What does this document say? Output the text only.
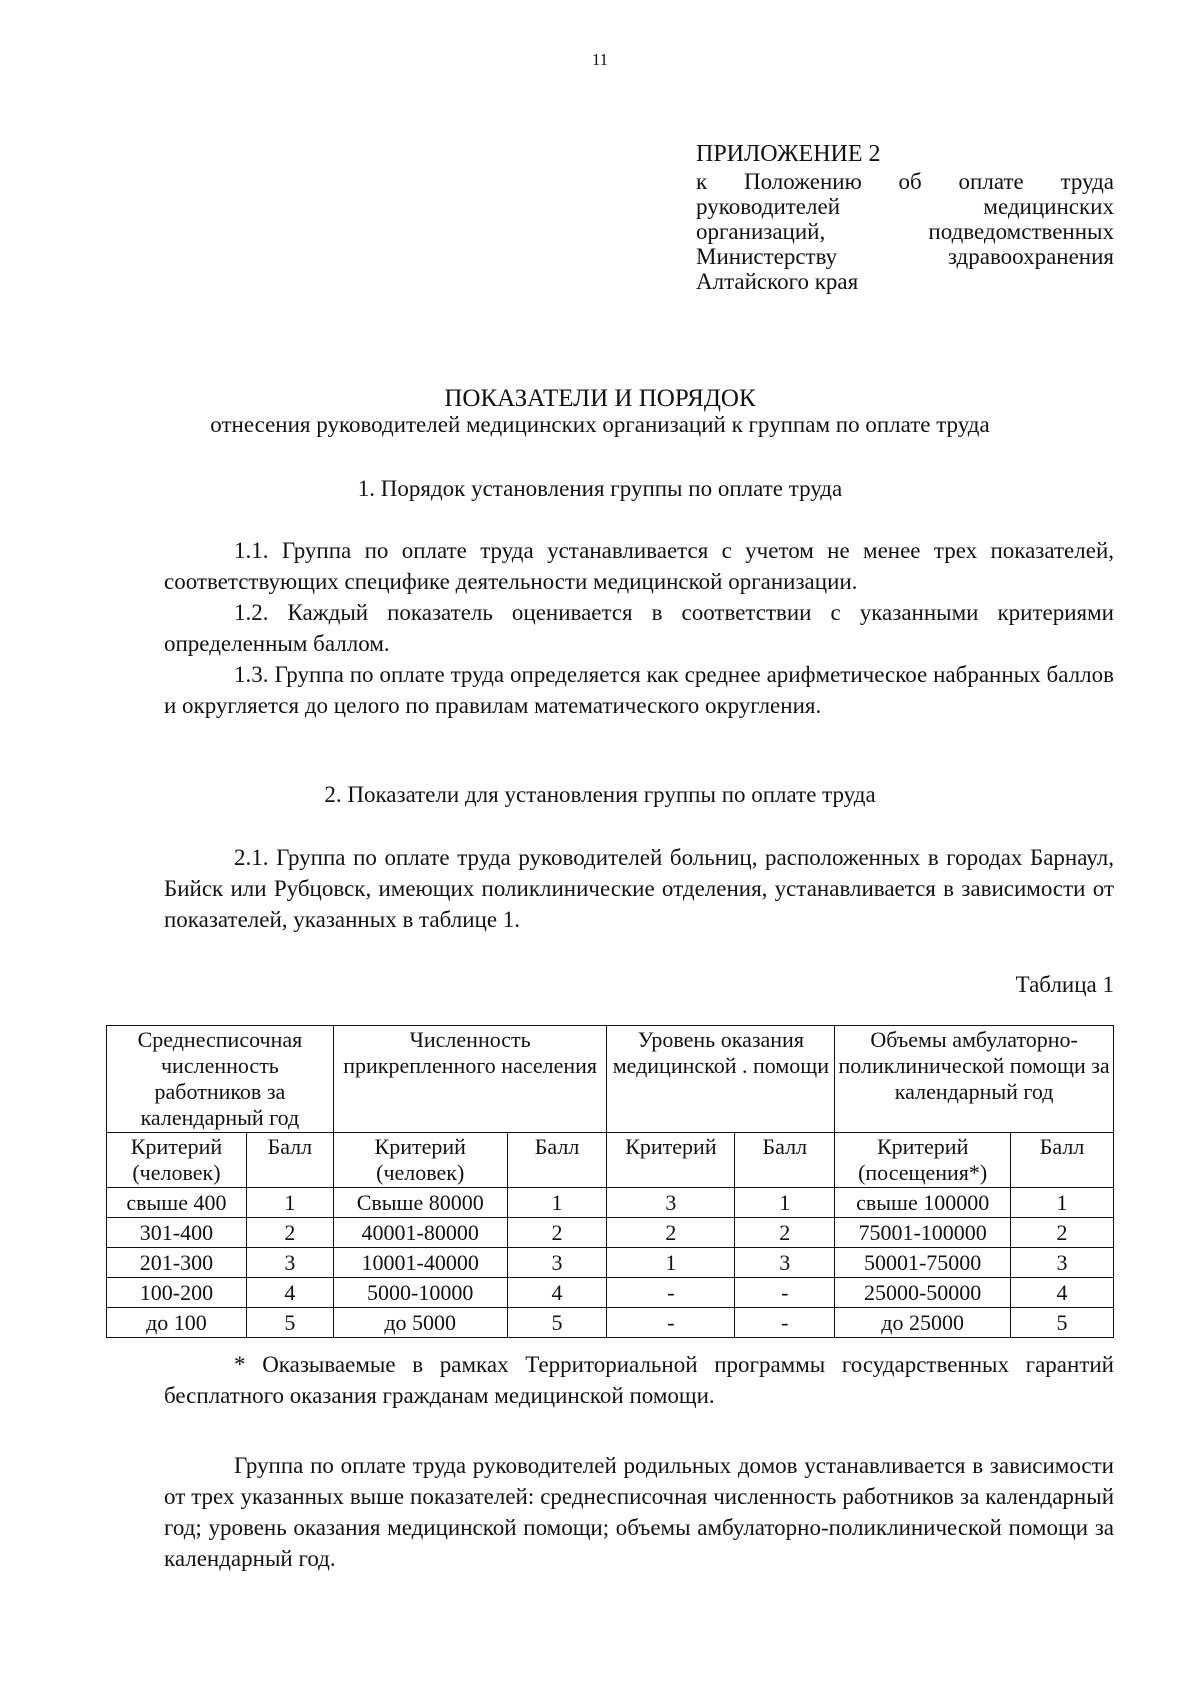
11
ПРИЛОЖЕНИЕ 2
к Положению об оплате труда
руководителей медицинских
организаций, подведомственных
Министерству здравоохранения
Алтайского края
ПОКАЗАТЕЛИ И ПОРЯДОК
отнесения руководителей медицинских организаций к группам по оплате труда
1. Порядок установления группы по оплате труда
1.1. Группа по оплате труда устанавливается с учетом не менее трех показателей, соответствующих специфике деятельности медицинской организации.
1.2. Каждый показатель оценивается в соответствии с указанными критериями определенным баллом.
1.3. Группа по оплате труда определяется как среднее арифметическое набранных баллов и округляется до целого по правилам математического округления.
2. Показатели для установления группы по оплате труда
2.1. Группа по оплате труда руководителей больниц, расположенных в городах Барнаул, Бийск или Рубцовск, имеющих поликлинические отделения, устанавливается в зависимости от показателей, указанных в таблице 1.
Таблица 1
Среднесписочная численность работников за календарный год		Численность прикрепленного населения		Уровень оказания медицинской . помощи		Объемы амбулаторно-поликлинической помощи за календарный год	
Критерий (человек)	Балл	Критерий (человек)	Балл	Критерий	Балл	Критерий (посещения*)	Балл
свыше 400	1	Свыше 80000	1	3	1	свыше 100000	1
301-400	2	40001-80000	2	2	2	75001-100000	2
201-300	3	10001-40000	3	1	3	50001-75000	3
100-200	4	5000-10000	4	-	-	25000-50000	4
до 100	5	до 5000	5	-	-	до 25000	5
* Оказываемые в рамках Территориальной программы государственных гарантий бесплатного оказания гражданам медицинской помощи.
Группа по оплате труда руководителей родильных домов устанавливается в зависимости от трех указанных выше показателей: среднесписочная численность работников за календарный год; уровень оказания медицинской помощи; объемы амбулаторно-поликлинической помощи за календарный год.
